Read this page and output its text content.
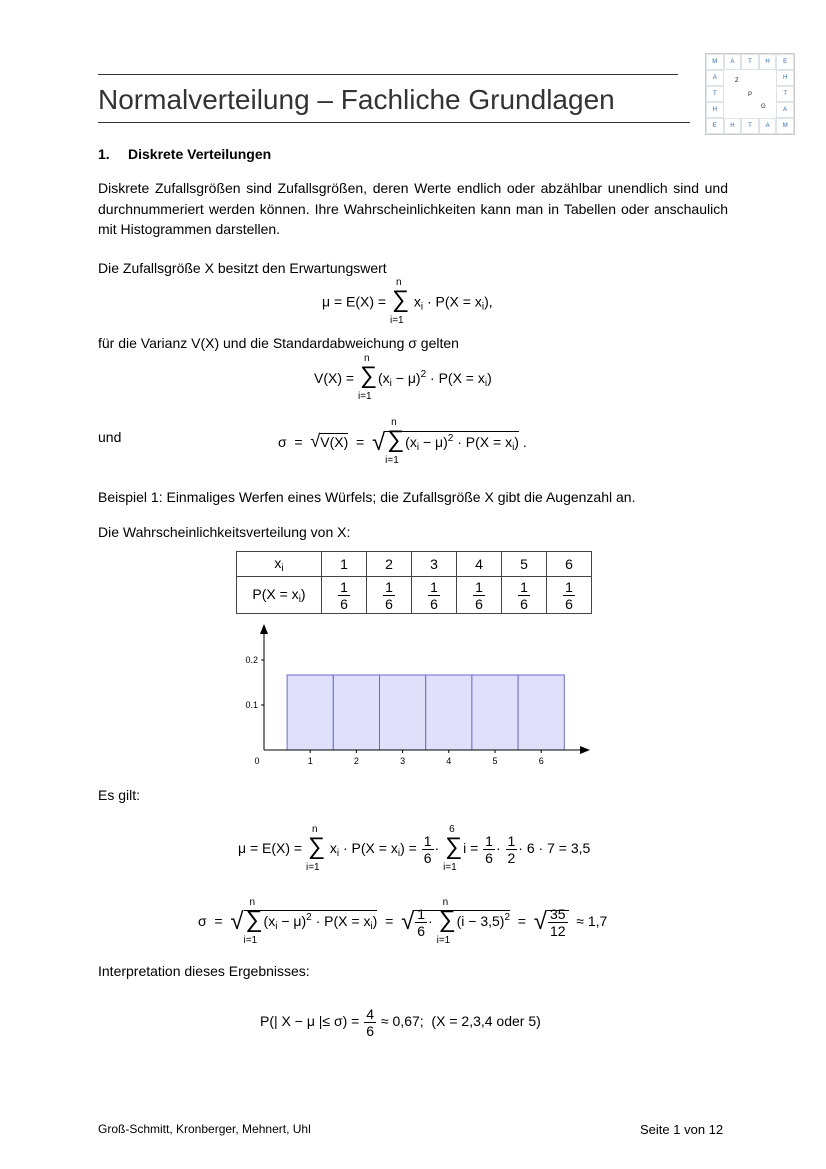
Normalverteilung – Fachliche Grundlagen
M	A	T	H	E
A
T
H
H
T
A
E	H	T	A	M
Z
P
G
1. Diskrete Verteilungen
Diskrete Zufallsgrößen sind Zufallsgrößen, deren Werte endlich oder abzählbar unendlich sind und durchnummeriert werden können. Ihre Wahrscheinlichkeiten kann man in Tabellen oder anschaulich mit Histogrammen darstellen.
Die Zufallsgröße X besitzt den Erwartungswert
μ = E(X) = ∑
n
i=1
$x_i \cdot P(X = x_i)$,
für die Varianz V(X) und die Standardabweichung σ gelten
V(X) = ∑
n
i=1
$(x_i - \mu)^2 \cdot P(X = x_i)$
und	σ  =  √V(X)  =  √ ∑
n
i=1
$(x_i - \mu)^2 \cdot P(X = x_i)$ .
Beispiel 1: Einmaliges Werfen eines Würfels; die Zufallsgröße X gibt die Augenzahl an.
Die Wahrscheinlichkeitsverteilung von X:
$x_i$	1	2	3	4	5	6
$P(X = x_i)$	$\frac{1}{6}$	$\frac{1}{6}$	$\frac{1}{6}$	$\frac{1}{6}$	$\frac{1}{6}$	$\frac{1}{6}$
0	1	2	3	4	5	6
0.1
0.2
Es gilt:
μ = E(X) = ∑
n
i=1
$x_i \cdot P(X = x_i) = \frac{1}{6}$ · ∑
6
i=1
$i = \frac{1}{6} \cdot \frac{1}{2} \cdot 6 \cdot 7 = 3,5$
σ  =  √ ∑
n
i=1
$(x_i - \mu)^2 \cdot P(X = x_i)$  =  √ $\frac{1}{6}$ · ∑
n
i=1
$(i - 3,5)^2$  =  √ $\frac{35}{12} \approx 1,7$
Interpretation dieses Ergebnisses:
P(| X − μ |≤ $\sigma) = \frac{4}{6} \approx 0,67$;  (X = 2,3,4 oder 5)
Groß-Schmitt, Kronberger, Mehnert, Uhl	Seite 1 von 12
